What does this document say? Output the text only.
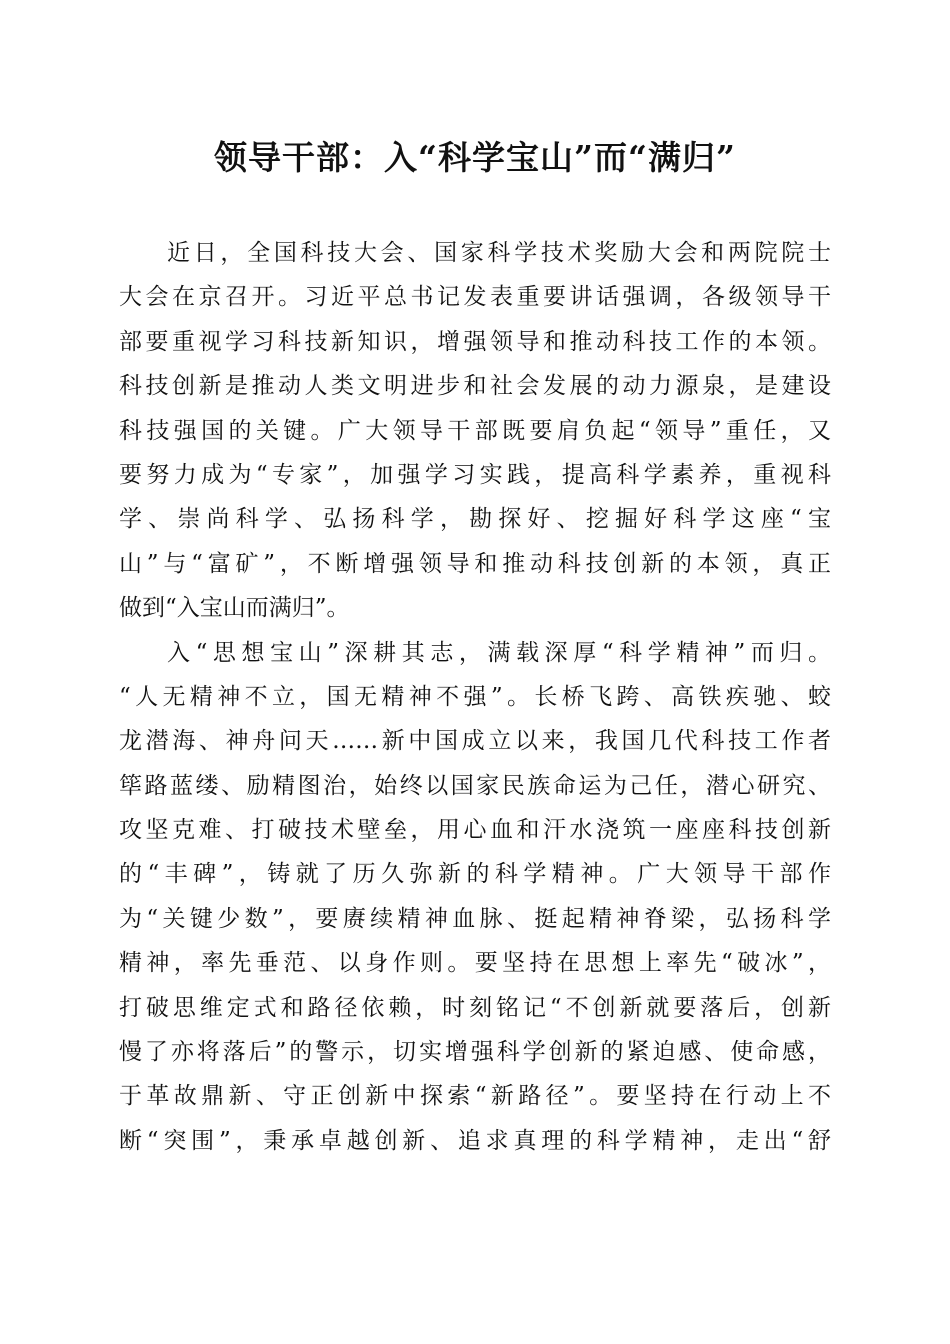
领导干部：入“科学宝山”而“满归”
近日，全国科技大会、国家科学技术奖励大会和两院院士
大会在京召开。习近平总书记发表重要讲话强调，各级领导干
部要重视学习科技新知识，增强领导和推动科技工作的本领。
科技创新是推动人类文明进步和社会发展的动力源泉，是建设
科技强国的关键。广大领导干部既要肩负起“领导”重任，又
要努力成为“专家”，加强学习实践，提高科学素养，重视科
学、崇尚科学、弘扬科学，勘探好、挖掘好科学这座“宝
山”与“富矿”，不断增强领导和推动科技创新的本领，真正
做到“入宝山而满归”。
入“思想宝山”深耕其志，满载深厚“科学精神”而归。
“人无精神不立，国无精神不强”。长桥飞跨、高铁疾驰、蛟
龙潜海、神舟问天……新中国成立以来，我国几代科技工作者
筚路蓝缕、励精图治，始终以国家民族命运为己任，潜心研究、
攻坚克难、打破技术壁垒，用心血和汗水浇筑一座座科技创新
的“丰碑”，铸就了历久弥新的科学精神。广大领导干部作
为“关键少数”，要赓续精神血脉、挺起精神脊梁，弘扬科学
精神，率先垂范、以身作则。要坚持在思想上率先“破冰”，
打破思维定式和路径依赖，时刻铭记“不创新就要落后，创新
慢了亦将落后”的警示，切实增强科学创新的紧迫感、使命感，
于革故鼎新、守正创新中探索“新路径”。要坚持在行动上不
断“突围”，秉承卓越创新、追求真理的科学精神，走出“舒
